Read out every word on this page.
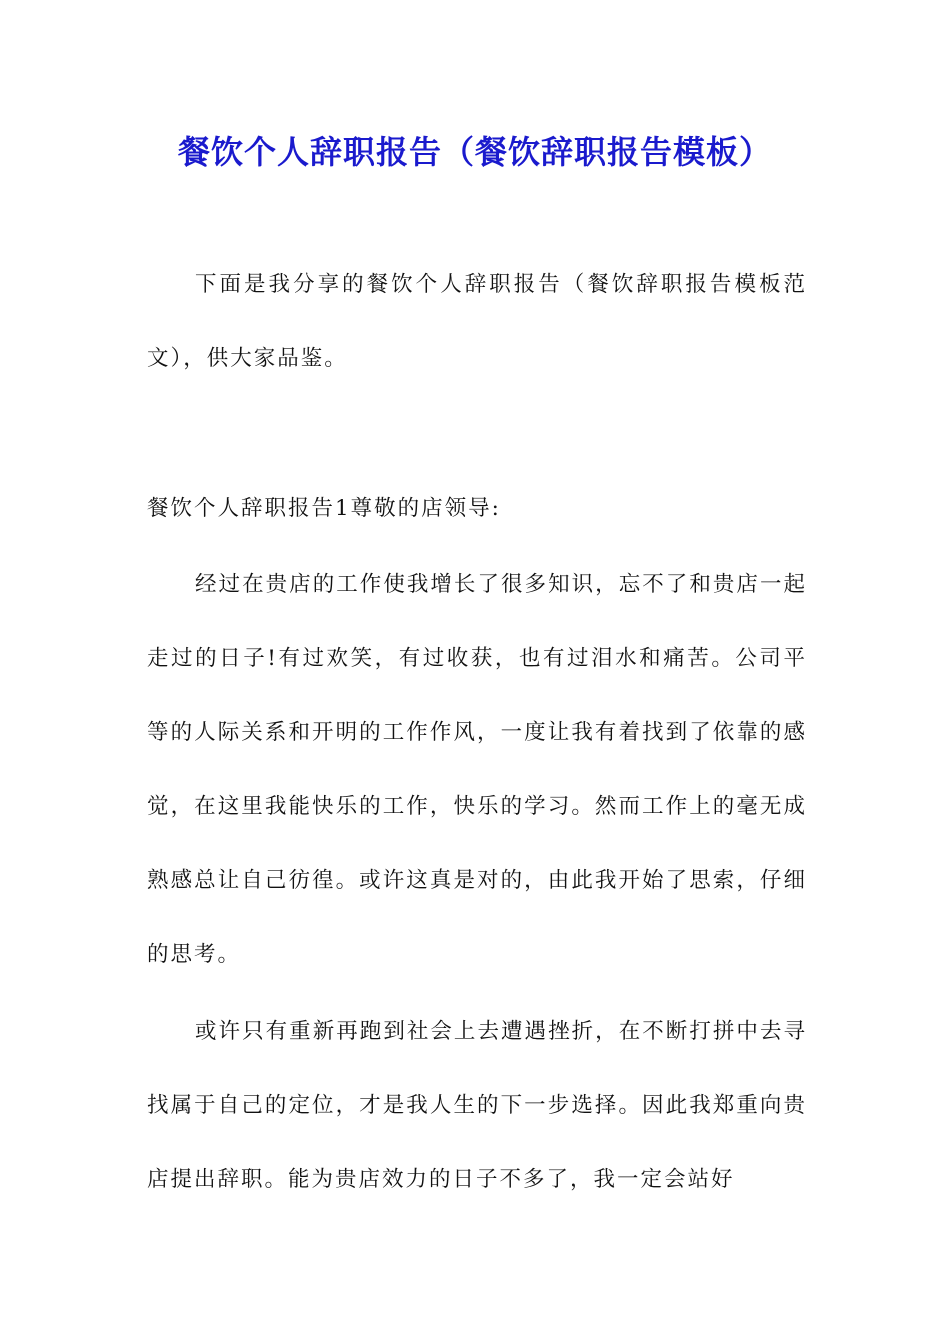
餐饮个人辞职报告（餐饮辞职报告模板）
下面是我分享的餐饮个人辞职报告（餐饮辞职报告模板范文），供大家品鉴。
餐饮个人辞职报告1尊敬的店领导:
经过在贵店的工作使我增长了很多知识，忘不了和贵店一起走过的日子!有过欢笑，有过收获，也有过泪水和痛苦。公司平等的人际关系和开明的工作作风，一度让我有着找到了依靠的感觉，在这里我能快乐的工作，快乐的学习。然而工作上的毫无成熟感总让自己彷徨。或许这真是对的，由此我开始了思索，仔细的思考。
或许只有重新再跑到社会上去遭遇挫折，在不断打拼中去寻找属于自己的定位，才是我人生的下一步选择。因此我郑重向贵店提出辞职。能为贵店效力的日子不多了，我一定会站好
